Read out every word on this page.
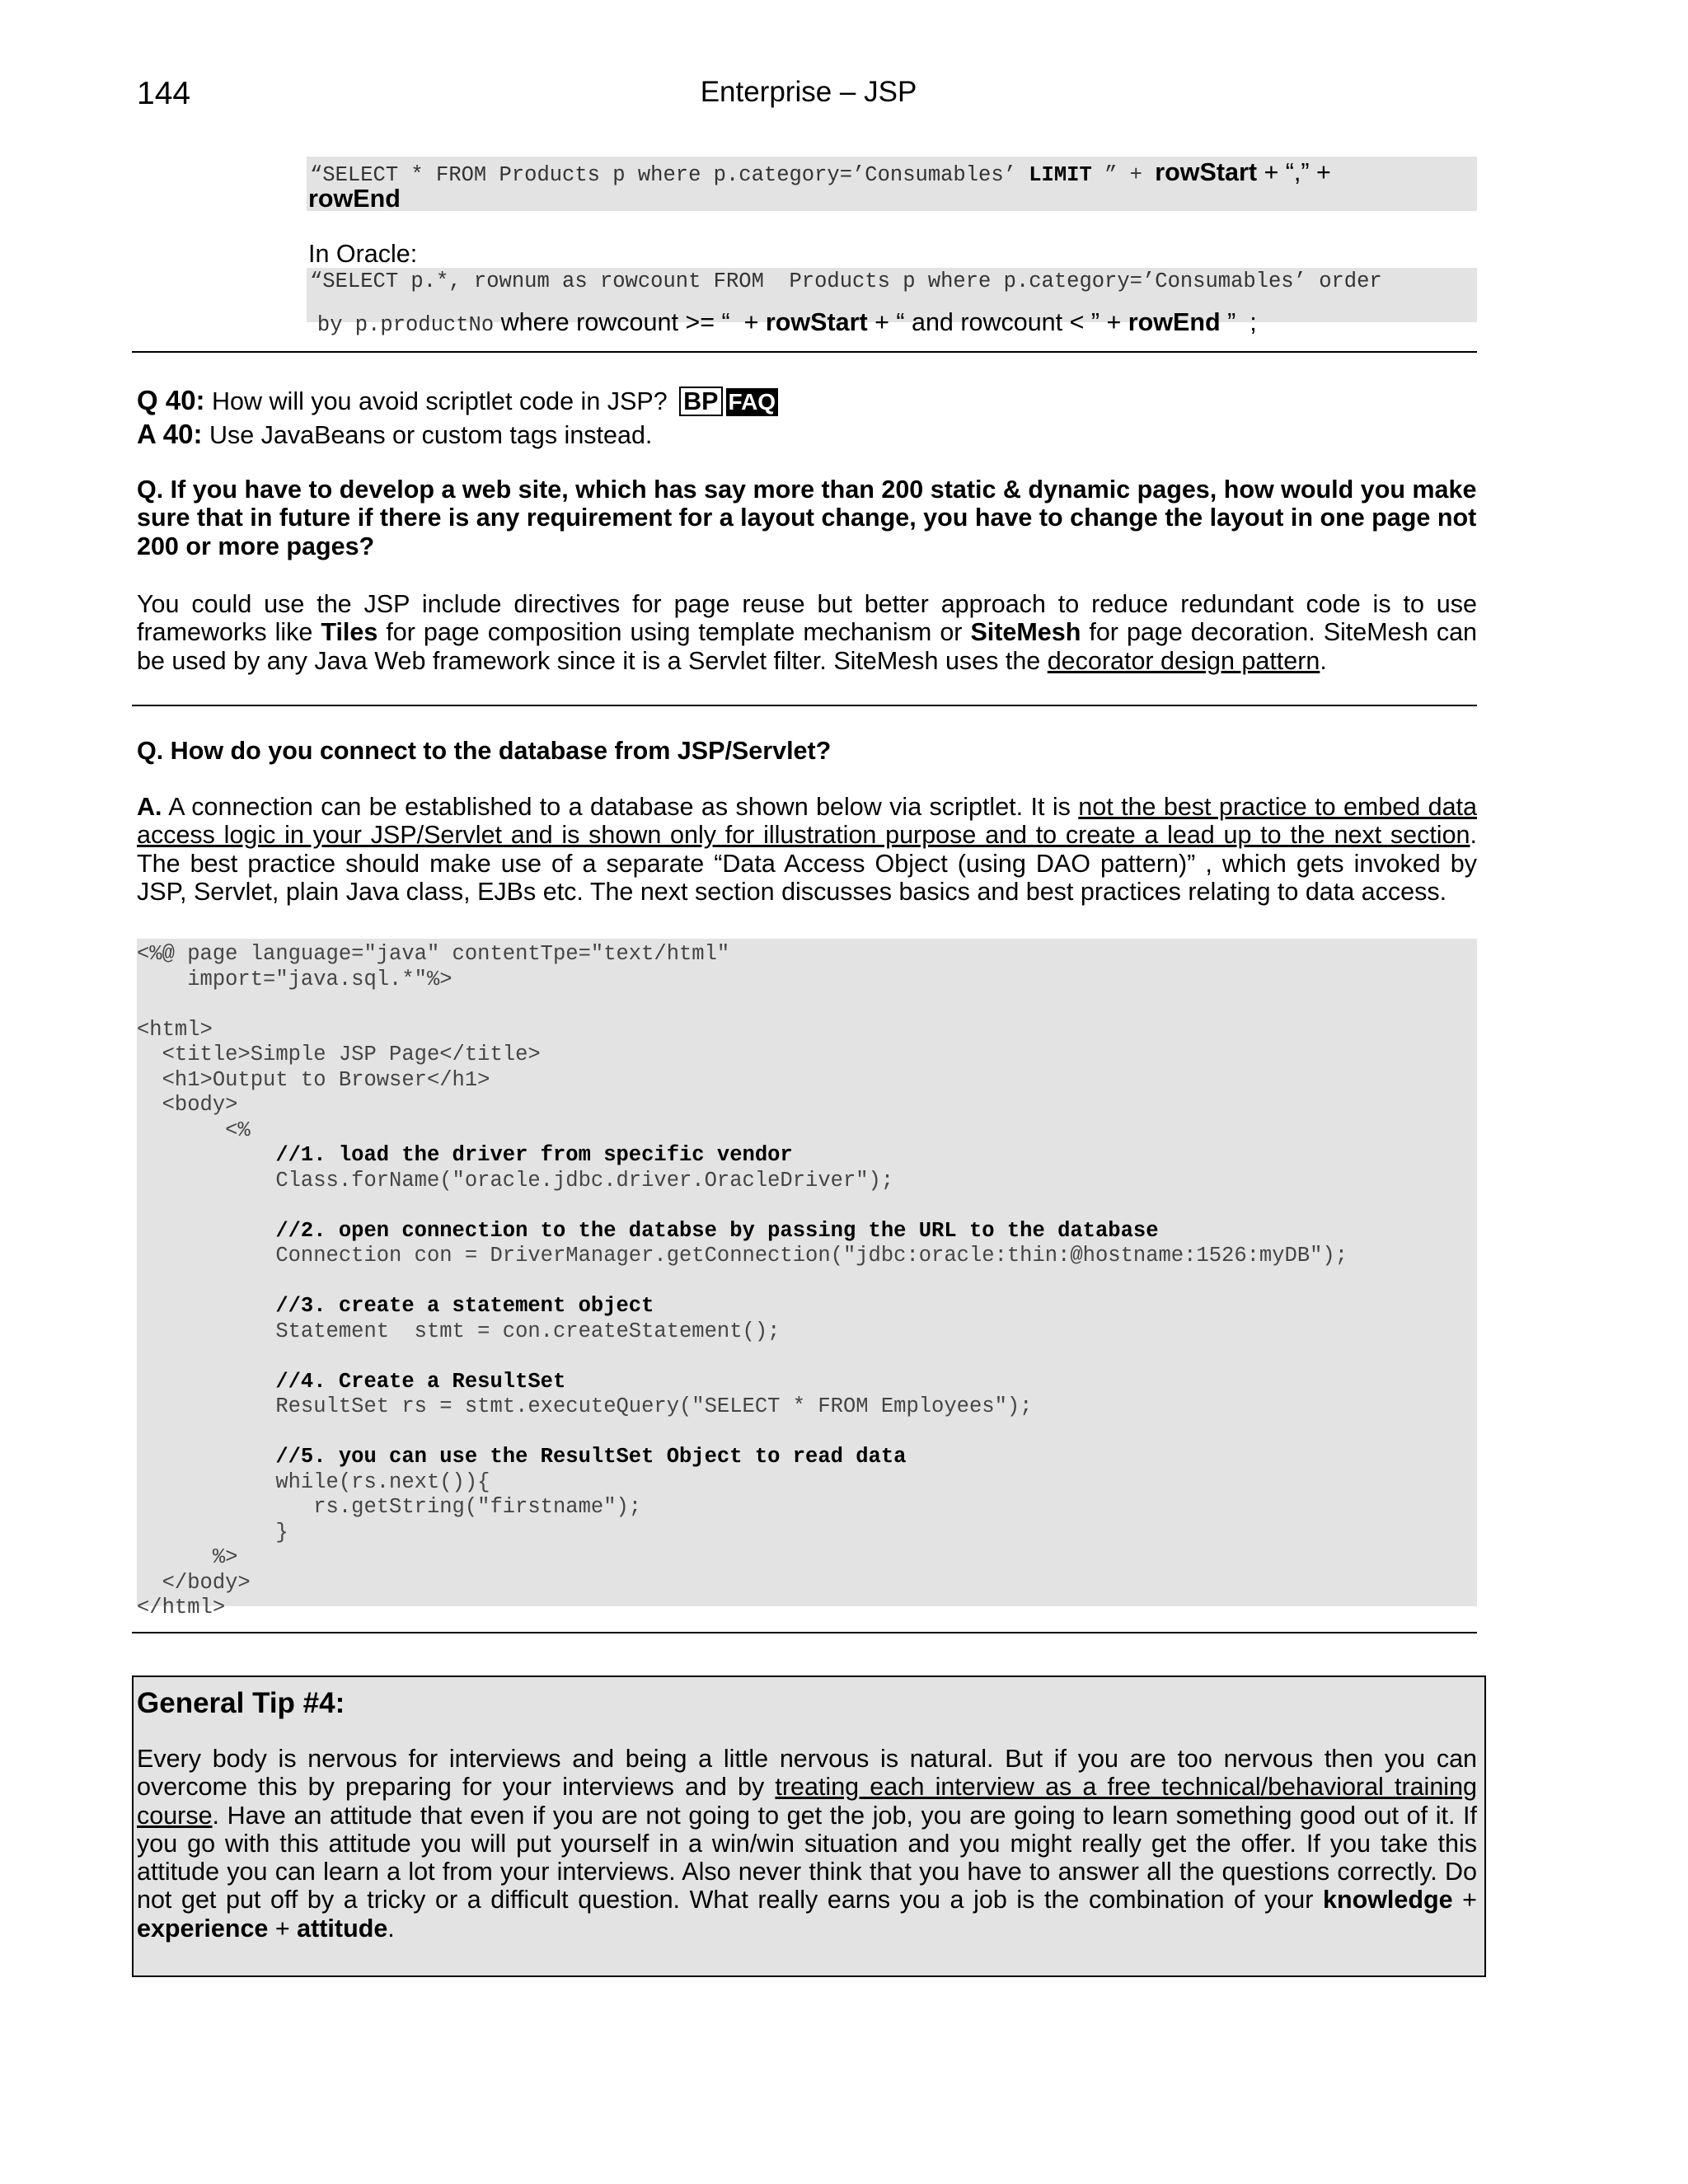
144	Enterprise – JSP
“SELECT * FROM Products p where p.category=’Consumables’ LIMIT ” + rowStart + “,” +
rowEnd
In Oracle:
“SELECT p.*, rownum as rowcount FROM  Products p where p.category=’Consumables’ order

by p.productNo where rowcount >= “  + rowStart + “ and rowcount < ” + rowEnd ”  ;

Q 40: How will you avoid scriptlet code in JSP? BP FAQ
A 40: Use JavaBeans or custom tags instead.
Q. If you have to develop a web site, which has say more than 200 static & dynamic pages, how would you make
sure that in future if there is any requirement for a layout change, you have to change the layout in one page not
200 or more pages?
You could use the JSP include directives for page reuse but better approach to reduce redundant code is to use frameworks like Tiles for page composition using template mechanism or SiteMesh for page decoration. SiteMesh can be used by any Java Web framework since it is a Servlet filter. SiteMesh uses the decorator design pattern.
Q. How do you connect to the database from JSP/Servlet?
A. A connection can be established to a database as shown below via scriptlet. It is not the best practice to embed data access logic in your JSP/Servlet and is shown only for illustration purpose and to create a lead up to the next section. The best practice should make use of a separate “Data Access Object (using DAO pattern)” , which gets invoked by JSP, Servlet, plain Java class, EJBs etc. The next section discusses basics and best practices relating to data access.
<%@ page language="java" contentTpe="text/html"
import="java.sql.*"%>
<html>
<title>Simple JSP Page</title>
<h1>Output to Browser</h1>
<body>
<%
//1. load the driver from specific vendor
Class.forName("oracle.jdbc.driver.OracleDriver");
//2. open connection to the databse by passing the URL to the database
Connection con = DriverManager.getConnection("jdbc:oracle:thin:@hostname:1526:myDB");
//3. create a statement object
Statement  stmt = con.createStatement();
//4. Create a ResultSet
ResultSet rs = stmt.executeQuery("SELECT * FROM Employees");
//5. you can use the ResultSet Object to read data
while(rs.next()){
rs.getString("firstname");
}
%>
</body>
</html>
General Tip #4:
Every body is nervous for interviews and being a little nervous is natural. But if you are too nervous then you can overcome this by preparing for your interviews and by treating each interview as a free technical/behavioral training course. Have an attitude that even if you are not going to get the job, you are going to learn something good out of it. If you go with this attitude you will put yourself in a win/win situation and you might really get the offer. If you take this attitude you can learn a lot from your interviews. Also never think that you have to answer all the questions correctly. Do not get put off by a tricky or a difficult question. What really earns you a job is the combination of your knowledge + experience + attitude.
